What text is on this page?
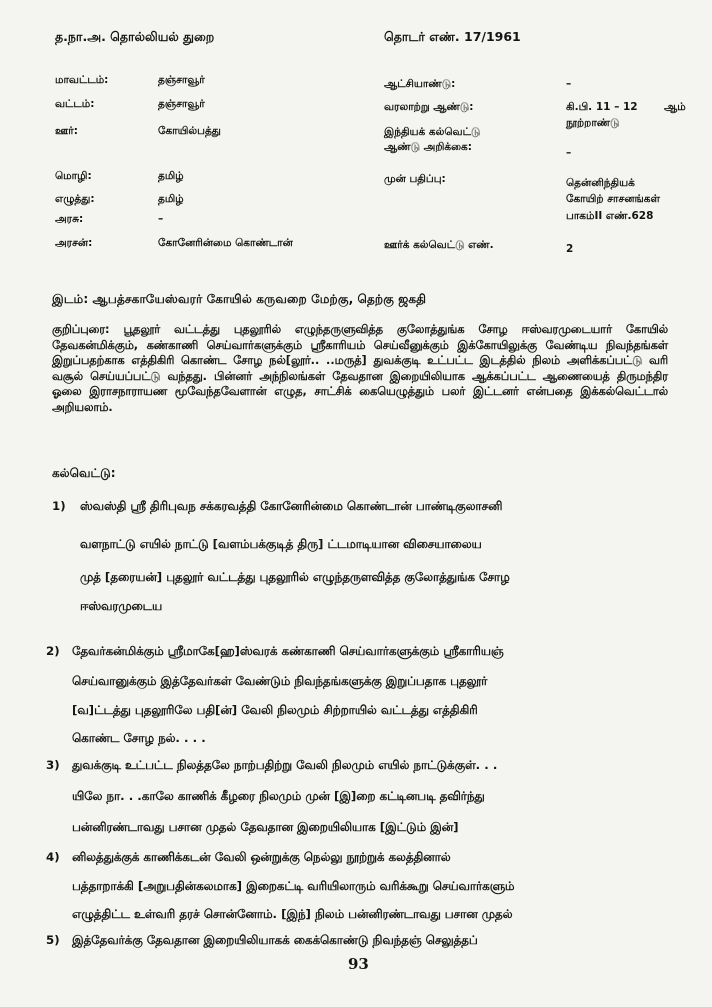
த.நா.அ. தொல்லியல் துறை	தொடர் எண். 17/1961
மாவட்டம்:	தஞ்சாவூர்
வட்டம்:	தஞ்சாவூர்
ஊர்:	கோயில்பத்து
மொழி:	தமிழ்
எழுத்து:	தமிழ்
அரசு:	–
அரசன்:	கோனேரின்மை கொண்டான்
ஆட்சியாண்டு:	–
வரலாற்று ஆண்டு:	கி.பி. 11 – 12	ஆம்
நூற்றாண்டு
இந்தியக் கல்வெட்டு
ஆண்டு அறிக்கை:	–
முன் பதிப்பு:	தென்னிந்தியக்
கோயிற் சாசனங்கள்
பாகம்II எண்.628
ஊர்க் கல்வெட்டு எண்.	2
இடம்: ஆபத்சகாயேஸ்வரர் கோயில் கருவறை மேற்கு, தெற்கு ஜகதி
குறிப்புரை: பூதலூர் வட்டத்து புதலூரில் எழுந்தருளுவித்த குலோத்துங்க சோழ ஈஸ்வரமுடையார் கோயில் தேவகன்மிக்கும், கண்காணி செய்வார்களுக்கும் ஸ்ரீகாரியம் செய்வீனுக்கும் இக்கோயிலுக்கு வேண்டிய நிவந்தங்கள் இறுப்பதற்காக எத்திகிரி கொண்ட சோழ நல்[லூர்.. ..மருத்] துவக்குடி உட்பட்ட இடத்தில் நிலம் அளிக்கப்பட்டு வரி வசூல் செய்யப்பட்டு வந்தது. பின்னர் அந்நிலங்கள் தேவதான இறையிலியாக ஆக்கப்பட்ட ஆணையைத் திருமந்திர ஓலை இராசநாராயண மூவேந்தவேளான் எழுத, சாட்சிக் கையெழுத்தும் பலர் இட்டனர் என்பதை இக்கல்வெட்டால் அறியலாம்.
கல்வெட்டு:
1) ஸ்வஸ்தி ஸ்ரீ திரிபுவந சக்கரவத்தி கோனேரின்மை கொண்டான் பாண்டிகுலாசனி
வளநாட்டு எயில் நாட்டு [வளம்பக்குடித் திரு] ட்டமாடியான விசையாலைய
முத் [தரையன்] புதலூர் வட்டத்து புதலூரில் எழுந்தருளவித்த குலோத்துங்க சோழ
ஈஸ்வரமுடைய
2) தேவர்கன்மிக்கும் ஸ்ரீமாகே[ஹ]ஸ்வரக் கண்காணி செய்வார்களுக்கும் ஸ்ரீகாரியஞ்
செய்வானுக்கும் இத்தேவர்கள் வேண்டும் நிவந்தங்களுக்கு இறுப்பதாக புதலூர்
[வ]ட்டத்து புதலூரிலே பதி[ன்] வேலி நிலமும் சிற்றாயில் வட்டத்து எத்திகிரி
கொண்ட சோழ நல். . . .
3) துவக்குடி உட்பட்ட நிலத்தலே நாற்பதிற்று வேலி நிலமும் எயில் நாட்டுக்குள். . .
யிலே நா. . .காலே காணிக் கீழரை நிலமும் முன் [இ]றை கட்டினபடி தவிர்ந்து
பன்னிரண்டாவது பசான முதல் தேவதான இறையிலியாக [இட்டும் இன்]
4) னிலத்துக்குக் காணிக்கடன் வேலி ஒன்றுக்கு நெல்லு நூற்றுக் கலத்தினால்
பத்தாறாக்கி [அறுபதின்கலமாக] இறைகட்டி வரியிலாரும் வரிக்கூறு செய்வார்களும்
எழுத்திட்ட உள்வரி தரச் சொன்னோம். [இந்] நிலம் பன்னிரண்டாவது பசான முதல்
5) இத்தேவர்க்கு தேவதான இறையிலியாகக் கைக்கொண்டு நிவந்தஞ் செலுத்தப்
93
